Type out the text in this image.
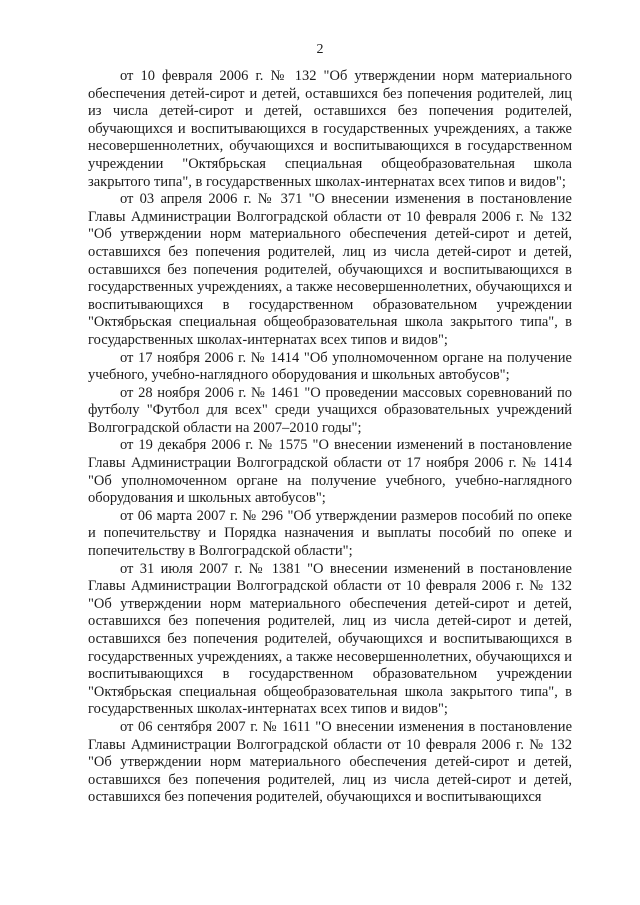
2

от 10 февраля 2006 г. № 132 "Об утверждении норм материального обеспечения детей-сирот и детей, оставшихся без попечения родителей, лиц из числа детей-сирот и детей, оставшихся без попечения родителей, обучающихся и воспитывающихся в государственных учреждениях, а также несовершеннолетних, обучающихся и воспитывающихся в государственном учреждении "Октябрьская специальная общеобразовательная школа закрытого типа", в государственных школах-интернатах всех типов и видов";

от 03 апреля 2006 г. № 371 "О внесении изменения в постановление Главы Администрации Волгоградской области от 10 февраля 2006 г. № 132 "Об утверждении норм материального обеспечения детей-сирот и детей, оставшихся без попечения родителей, лиц из числа детей-сирот и детей, оставшихся без попечения родителей, обучающихся и воспитывающихся в государственных учреждениях, а также несовершеннолетних, обучающихся и воспитывающихся в государственном образовательном учреждении "Октябрьская специальная общеобразовательная школа закрытого типа", в государственных школах-интернатах всех типов и видов";

от 17 ноября 2006 г. № 1414 "Об уполномоченном органе на получение учебного, учебно-наглядного оборудования и школьных автобусов";

от 28 ноября 2006 г. № 1461 "О проведении массовых соревнований по футболу "Футбол для всех" среди учащихся образовательных учреждений Волгоградской области на 2007–2010 годы";

от 19 декабря 2006 г. № 1575 "О внесении изменений в постановление Главы Администрации Волгоградской области от 17 ноября 2006 г. № 1414 "Об уполномоченном органе на получение учебного, учебно-наглядного оборудования и школьных автобусов";

от 06 марта 2007 г. № 296 "Об утверждении размеров пособий по опеке и попечительству и Порядка назначения и выплаты пособий по опеке и попечительству в Волгоградской области";

от 31 июля 2007 г. № 1381 "О внесении изменений в постановление Главы Администрации Волгоградской области от 10 февраля 2006 г. № 132 "Об утверждении норм материального обеспечения детей-сирот и детей, оставшихся без попечения родителей, лиц из числа детей-сирот и детей, оставшихся без попечения родителей, обучающихся и воспитывающихся в государственных учреждениях, а также несовершеннолетних, обучающихся и воспитывающихся в государственном образовательном учреждении "Октябрьская специальная общеобразовательная школа закрытого типа", в государственных школах-интернатах всех типов и видов";

от 06 сентября 2007 г. № 1611 "О внесении изменения в постановление Главы Администрации Волгоградской области от 10 февраля 2006 г. № 132 "Об утверждении норм материального обеспечения детей-сирот и детей, оставшихся без попечения родителей, лиц из числа детей-сирот и детей, оставшихся без попечения родителей, обучающихся и воспитывающихся
